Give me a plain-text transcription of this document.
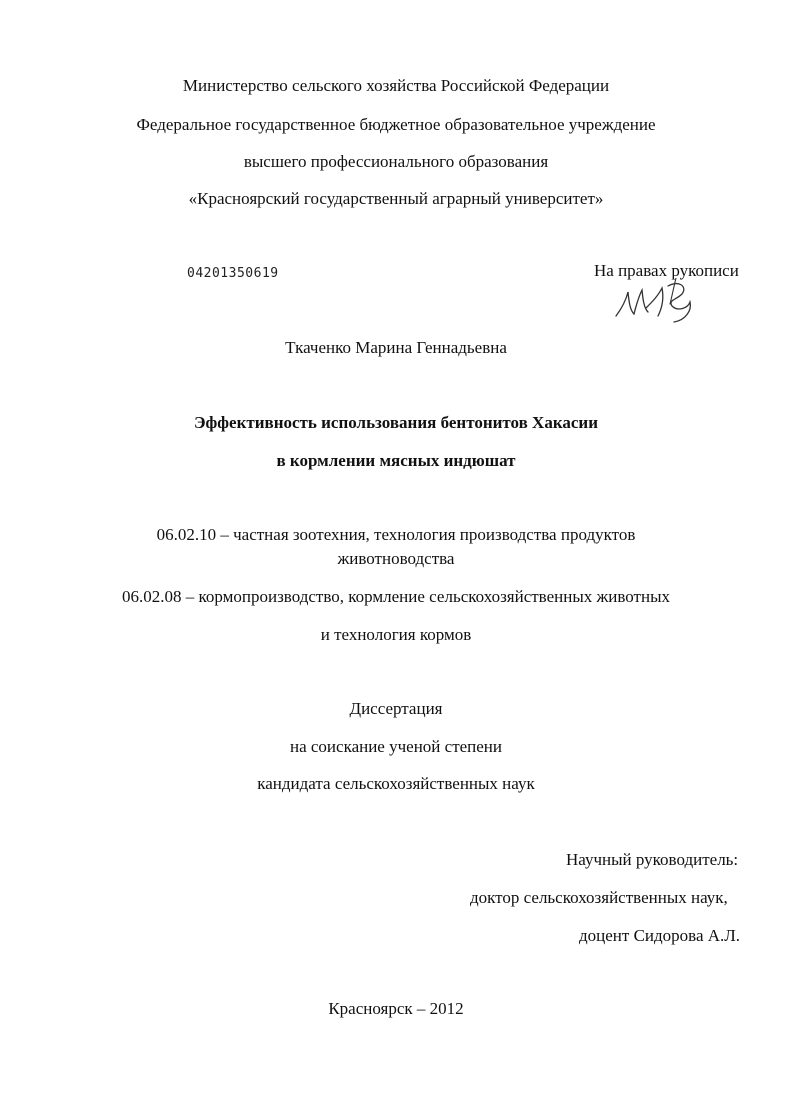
Министерство сельского хозяйства Российской Федерации
Федеральное государственное бюджетное образовательное учреждение
высшего профессионального образования
«Красноярский государственный аграрный университет»
04201350619	На правах рукописи
Ткаченко Марина Геннадьевна
Эффективность использования бентонитов Хакасии
в кормлении мясных индюшат
06.02.10 – частная зоотехния, технология производства продуктов
животноводства
06.02.08 – кормопроизводство, кормление сельскохозяйственных животных
и технология кормов
Диссертация
на соискание ученой степени
кандидата сельскохозяйственных наук
Научный руководитель:
доктор сельскохозяйственных наук,
доцент Сидорова А.Л.
Красноярск – 2012
